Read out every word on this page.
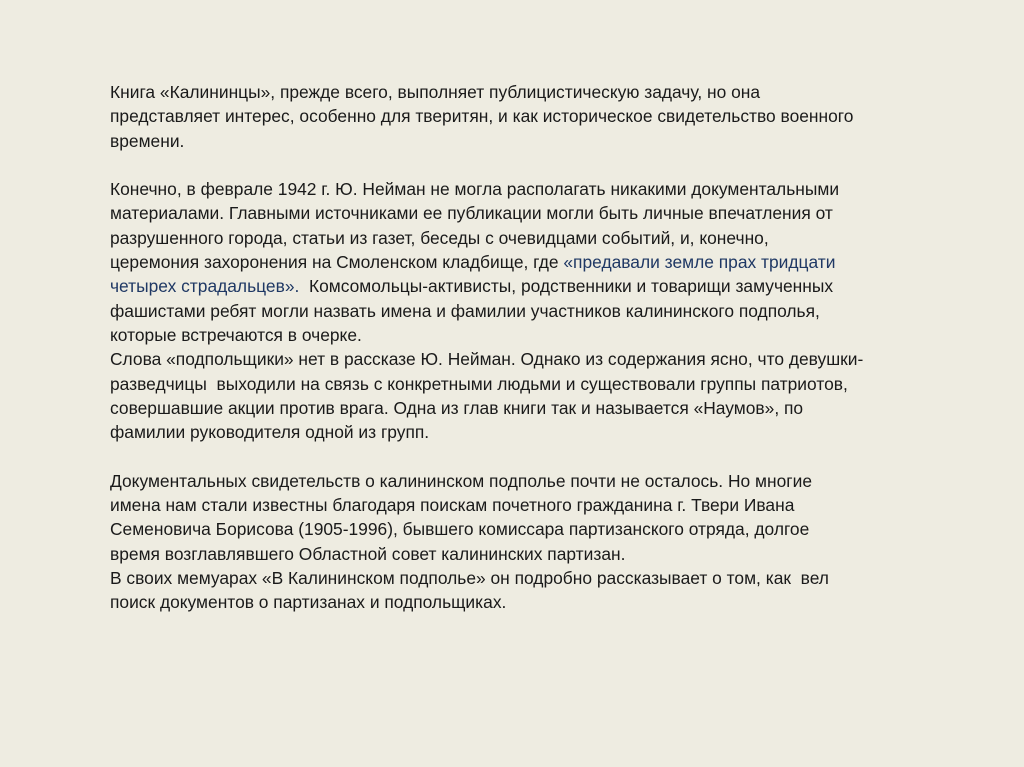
Книга «Калининцы», прежде всего, выполняет публицистическую задачу, но она

представляет интерес, особенно для тверитян, и как историческое свидетельство военного

времени.

Конечно, в феврале 1942 г. Ю. Нейман не могла располагать никакими документальными

материалами. Главными источниками ее публикации могли быть личные впечатления от

разрушенного города, статьи из газет, беседы с очевидцами событий, и, конечно,

церемония захоронения на Смоленском кладбище, где «предавали земле прах тридцати

четырех страдальцев».  Комсомольцы-активисты, родственники и товарищи замученных

фашистами ребят могли назвать имена и фамилии участников калининского подполья,

которые встречаются в очерке.

Слова «подпольщики» нет в рассказе Ю. Нейман. Однако из содержания ясно, что девушки-

разведчицы  выходили на связь с конкретными людьми и существовали группы патриотов,

совершавшие акции против врага. Одна из глав книги так и называется «Наумов», по

фамилии руководителя одной из групп.

Документальных свидетельств о калининском подполье почти не осталось. Но многие

имена нам стали известны благодаря поискам почетного гражданина г. Твери Ивана

Семеновича Борисова (1905-1996), бывшего комиссара партизанского отряда, долгое

время возглавлявшего Областной совет калининских партизан.

В своих мемуарах «В Калининском подполье» он подробно рассказывает о том, как  вел

поиск документов о партизанах и подпольщиках.
